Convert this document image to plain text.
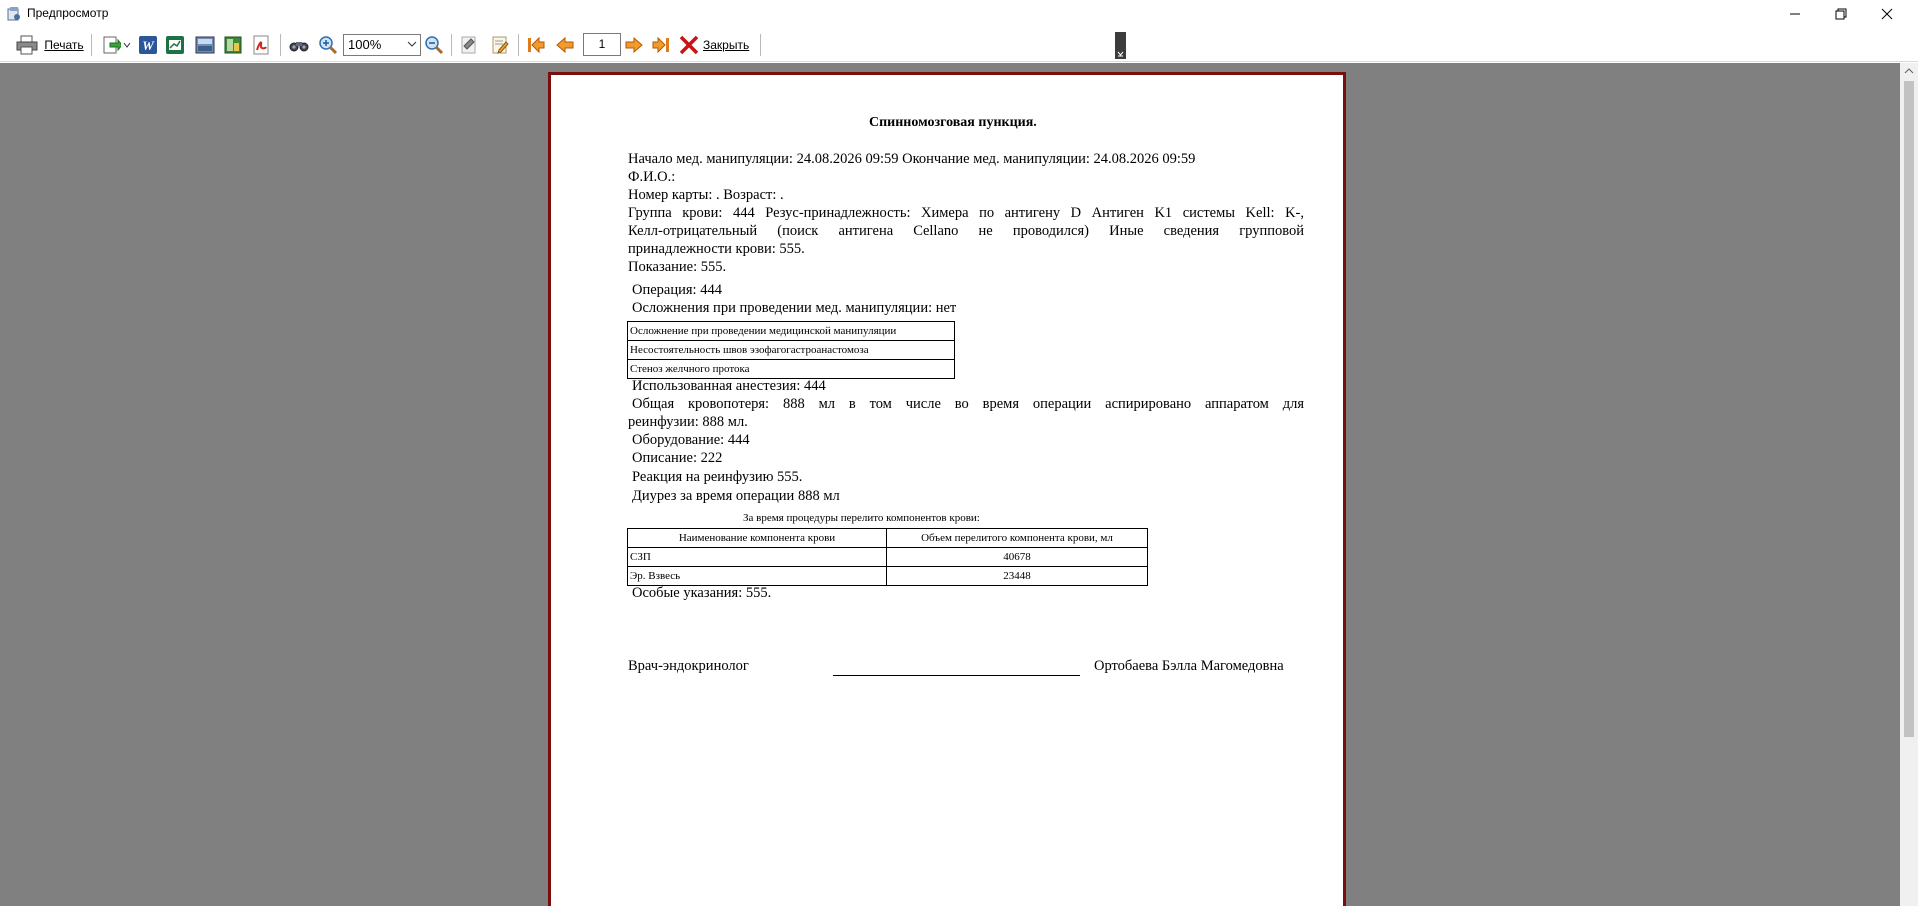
Предпросмотр
Печать	W	100%	1	Закрыть
Спинномозговая пункция.
Начало мед. манипуляции: 24.08.2026 09:59 Окончание мед. манипуляции: 24.08.2026 09:59
Ф.И.О.:
Номер карты: . Возраст: .
Группа крови: 444 Резус-принадлежность: Химера по антигену D Антиген K1 системы Kell: K-,
Келл-отрицательный (поиск антигена Cellano не проводился) Иные сведения групповой
принадлежности крови: 555.
Показание: 555.
Операция: 444
Осложнения при проведении мед. манипуляции: нет
Осложнение при проведении медицинской манипуляции
Несостоятельность швов эзофагогастроанастомоза
Стеноз желчного протока
Использованная анестезия: 444
Общая кровопотеря: 888 мл в том числе во время операции аспирировано аппаратом для
реинфузии: 888 мл.
Оборудование: 444
Описание: 222
Реакция на реинфузию 555.
Диурез за время операции 888 мл
За время процедуры перелито компонентов крови:
Наименование компонента крови	Объем перелитого компонента крови, мл
СЗП	40678
Эр. Взвесь	23448
Особые указания: 555.
Врач-эндокринолог	Ортобаева Бэлла Магомедовна
